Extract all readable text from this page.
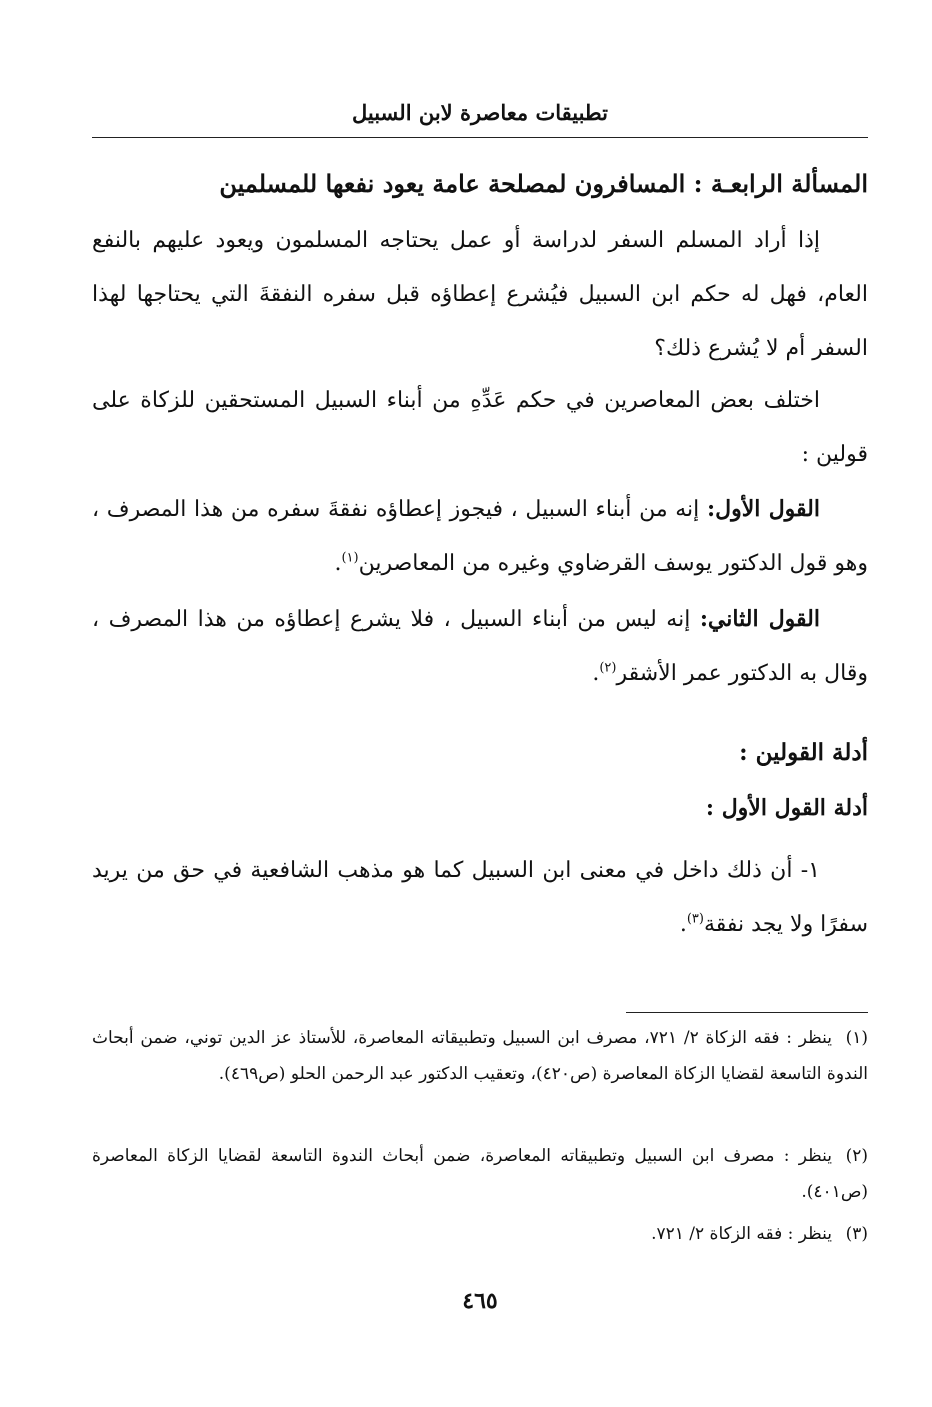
تطبيقات معاصرة لابن السبيل
المسألة الرابعـة : المسافرون لمصلحة عامة يعود نفعها للمسلمين
إذا أراد المسلم السفر لدراسة أو عمل يحتاجه المسلمون ويعود عليهم بالنفع العام، فهل له حكم ابن السبيل فيُشرع إعطاؤه قبل سفره النفقةَ التي يحتاجها لهذا السفر أم لا يُشرع ذلك؟
اختلف بعض المعاصرين في حكم عَدِّهِ من أبناء السبيل المستحقين للزكاة على قولين :
القول الأول: إنه من أبناء السبيل ، فيجوز إعطاؤه نفقةَ سفره من هذا المصرف ، وهو قول الدكتور يوسف القرضاوي وغيره من المعاصرين$^{(١)}$.
القول الثاني: إنه ليس من أبناء السبيل ، فلا يشرع إعطاؤه من هذا المصرف ، وقال به الدكتور عمر الأشقر$^{(٢)}$.
أدلة القولين :
أدلة القول الأول :
١- أن ذلك داخل في معنى ابن السبيل كما هو مذهب الشافعية في حق من يريد سفرًا ولا يجد نفقة$^{(٣)}$.
(١)ينظر : فقه الزكاة ٢/ ٧٢١، مصرف ابن السبيل وتطبيقاته المعاصرة، للأستاذ عز الدين توني، ضمن أبحاث الندوة التاسعة لقضايا الزكاة المعاصرة (ص٤٢٠)، وتعقيب الدكتور عبد الرحمن الحلو (ص٤٦٩).
(٢)ينظر : مصرف ابن السبيل وتطبيقاته المعاصرة، ضمن أبحاث الندوة التاسعة لقضايا الزكاة المعاصرة (ص٤٠١).
(٣)ينظر : فقه الزكاة ٢/ ٧٢١.
٤٦٥
